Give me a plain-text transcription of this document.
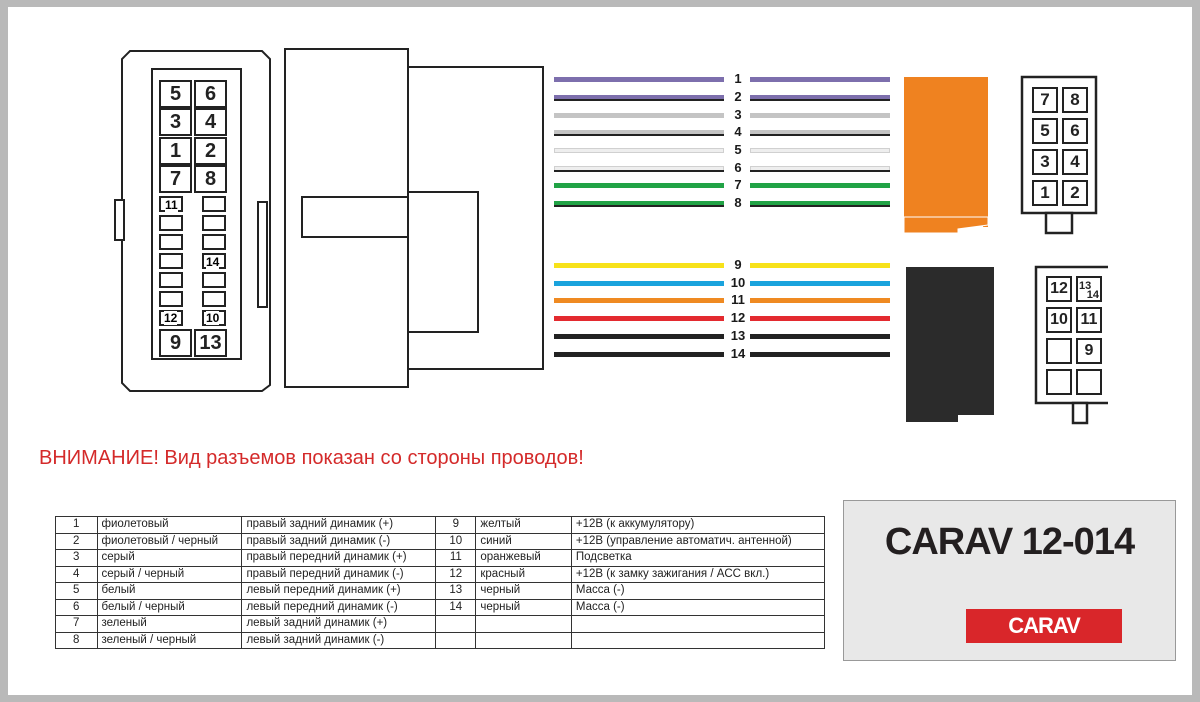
5	6
3	4
1	2
7	8
11
14
12 10
9 13
1
2
3
4
5
6
7
8
9
10
11
12
13
14
7	8
5	6
3	4
1	2
12	13
14
10 11
9
ВНИМАНИЕ! Вид разъемов показан со стороны проводов!
1	фиолетовый	правый задний динамик (+)	9	желтый	+12В (к аккумулятору)
2	фиолетовый / черный	правый задний динамик (-)	10	синий	+12В (управление автоматич. антенной)
3	серый	правый передний динамик (+)	11	оранжевый	Подсветка
4	серый / черный	правый передний динамик (-)	12	красный	+12В (к замку зажигания / ACC вкл.)
5	белый	левый передний динамик (+)	13	черный	Масса (-)
6	белый / черный	левый передний динамик (-)	14	черный	Масса (-)
7	зеленый	левый задний динамик (+)			
8	зеленый / черный	левый задний динамик (-)			
CARAV 12-014
CARAV
